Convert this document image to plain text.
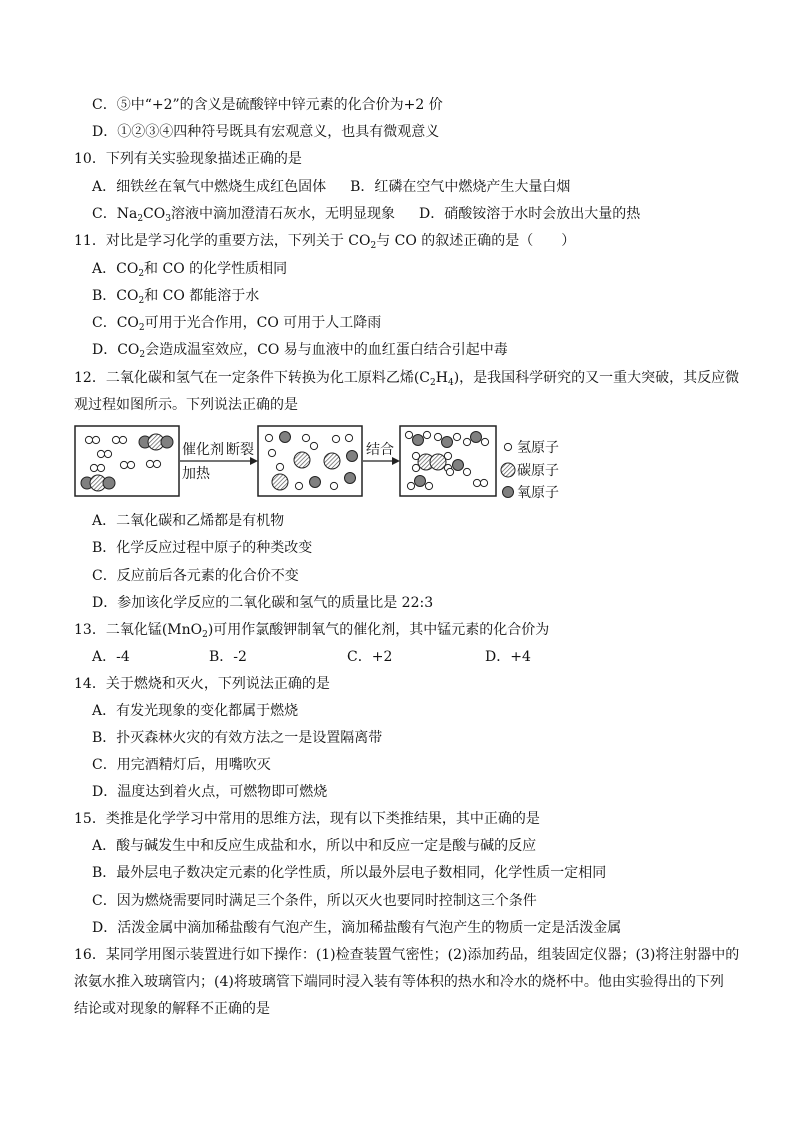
C．⑤中“+2”的含义是硫酸锌中锌元素的化合价为+2 价
D．①②③④四种符号既具有宏观意义，也具有微观意义
10．下列有关实验现象描述正确的是
A．细铁丝在氧气中燃烧生成红色固体 B．红磷在空气中燃烧产生大量白烟
C．$Na_2CO_3$溶液中滴加澄清石灰水，无明显现象 D．硝酸铵溶于水时会放出大量的热
11．对比是学习化学的重要方法，下列关于 $CO_2$与 CO 的叙述正确的是（　　）
A．$CO_2$和 CO 的化学性质相同
B．$CO_2$和 CO 都能溶于水
C．$CO_2$可用于光合作用，CO 可用于人工降雨
D．$CO_2$会造成温室效应，CO 易与血液中的血红蛋白结合引起中毒
12．二氧化碳和氢气在一定条件下转换为化工原料乙烯$(C_2H_4)$，是我国科学研究的又一重大突破，其反应微
观过程如图所示。下列说法正确的是
催化剂 断裂
加热
结合	氢原子
碳原子
氧原子
A．二氧化碳和乙烯都是有机物
B．化学反应过程中原子的种类改变
C．反应前后各元素的化合价不变
D．参加该化学反应的二氧化碳和氢气的质量比是 22:3
13．二氧化锰(MnO$_2$)可用作氯酸钾制氧气的催化剂，其中锰元素的化合价为
A．-4	B．-2	C．+2	D．+4
14．关于燃烧和灭火，下列说法正确的是
A．有发光现象的变化都属于燃烧
B．扑灭森林火灾的有效方法之一是设置隔离带
C．用完酒精灯后，用嘴吹灭
D．温度达到着火点，可燃物即可燃烧
15．类推是化学学习中常用的思维方法，现有以下类推结果，其中正确的是
A．酸与碱发生中和反应生成盐和水，所以中和反应一定是酸与碱的反应
B．最外层电子数决定元素的化学性质，所以最外层电子数相同，化学性质一定相同
C．因为燃烧需要同时满足三个条件，所以灭火也要同时控制这三个条件
D．活泼金属中滴加稀盐酸有气泡产生，滴加稀盐酸有气泡产生的物质一定是活泼金属
16．某同学用图示装置进行如下操作：(1)检查装置气密性；(2)添加药品，组装固定仪器；(3)将注射器中的
浓氨水推入玻璃管内；(4)将玻璃管下端同时浸入装有等体积的热水和冷水的烧杯中。他由实验得出的下列
结论或对现象的解释不正确的是
